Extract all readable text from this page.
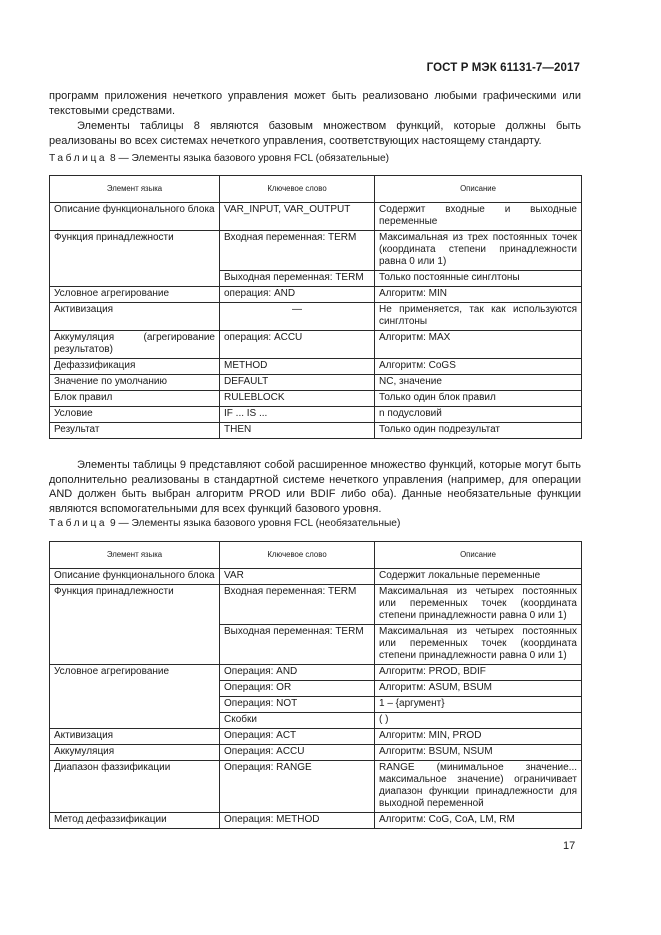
ГОСТ Р МЭК 61131-7—2017

программ приложения нечеткого управления может быть реализовано любыми графическими или текстовыми средствами.

Элементы таблицы 8 являются базовым множеством функций, которые должны быть реализованы во всех системах нечеткого управления, соответствующих настоящему стандарту.

Таблица 8 — Элементы языка базового уровня FCL (обязательные)

Элемент языка	Ключевое слово	Описание
Описание функционального блока	VAR_INPUT, VAR_OUTPUT	Содержит входные и выходные переменные
Функция принадлежности	Входная переменная: TERM	Максимальная из трех постоянных точек (координата степени принадлежности равна 0 или 1)
	Выходная переменная: TERM	Только постоянные синглтоны
Условное агрегирование	операция: AND	Алгоритм: MIN
Активизация	—	Не применяется, так как используются синглтоны
Аккумуляция (агрегирование результатов)	операция: ACCU	Алгоритм: MAX
Дефаззификация	METHOD	Алгоритм: CoGS
Значение по умолчанию	DEFAULT	NC, значение
Блок правил	RULEBLOCK	Только один блок правил
Условие	IF ... IS ...	n подусловий
Результат	THEN	Только один подрезультат

Элементы таблицы 9 представляют собой расширенное множество функций, которые могут быть дополнительно реализованы в стандартной системе нечеткого управления (например, для операции AND должен быть выбран алгоритм PROD или BDIF либо оба). Данные необязательные функции являются вспомогательными для всех функций базового уровня.

Таблица 9 — Элементы языка базового уровня FCL (необязательные)

Элемент языка	Ключевое слово	Описание
Описание функционального блока	VAR	Содержит локальные переменные
Функция принадлежности	Входная переменная: TERM	Максимальная из четырех постоянных или переменных точек (координата степени принадлежности равна 0 или 1)
	Выходная переменная: TERM	Максимальная из четырех постоянных или переменных точек (координата степени принадлежности равна 0 или 1)
Условное агрегирование	Операция: AND	Алгоритм: PROD, BDIF
	Операция: OR	Алгоритм: ASUM, BSUM
	Операция: NOT	1 – {аргумент}
	Скобки	( )
Активизация	Операция: ACT	Алгоритм: MIN, PROD
Аккумуляция	Операция: ACCU	Алгоритм: BSUM, NSUM
Диапазон фаззификации	Операция: RANGE	RANGE (минимальное значение... максимальное значение) ограничивает диапазон функции принадлежности для выходной переменной
Метод дефаззификации	Операция: METHOD	Алгоритм: CoG, CoA, LM, RM
17
